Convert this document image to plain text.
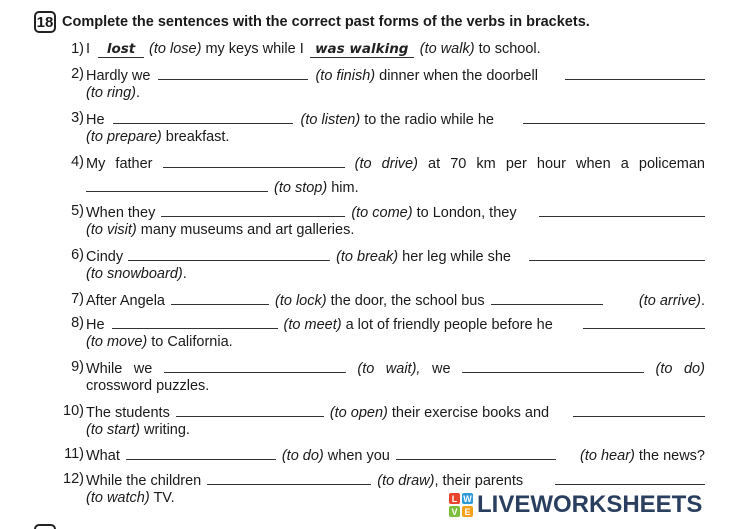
18 Complete the sentences with the correct past forms of the verbs in brackets.
1) I	lost (to lose) my keys while I was walking (to walk) to school.
2) Hardly we	(to finish) dinner when the doorbell
(to ring).
3) He	(to listen) to the radio while he
(to prepare) breakfast.
4) My father	(to drive) at 70 km per hour when a policeman
(to stop) him.
5) When they	(to come) to London, they
(to visit) many museums and art galleries.
6) Cindy	(to break) her leg while she
(to snowboard).
7) After Angela	(to lock) the door, the school bus	(to arrive).
8) He	(to meet) a lot of friendly people before he
(to move) to California.
9) While we	(to wait), we	(to do)
crossword puzzles.
10) The students	(to open) their exercise books and
(to start) writing.
11) What	(to do) when you	(to hear) the news?
12) While the children	(to draw), their parents
(to watch) TV.	L W
V E LIVEWORKSHEETS
